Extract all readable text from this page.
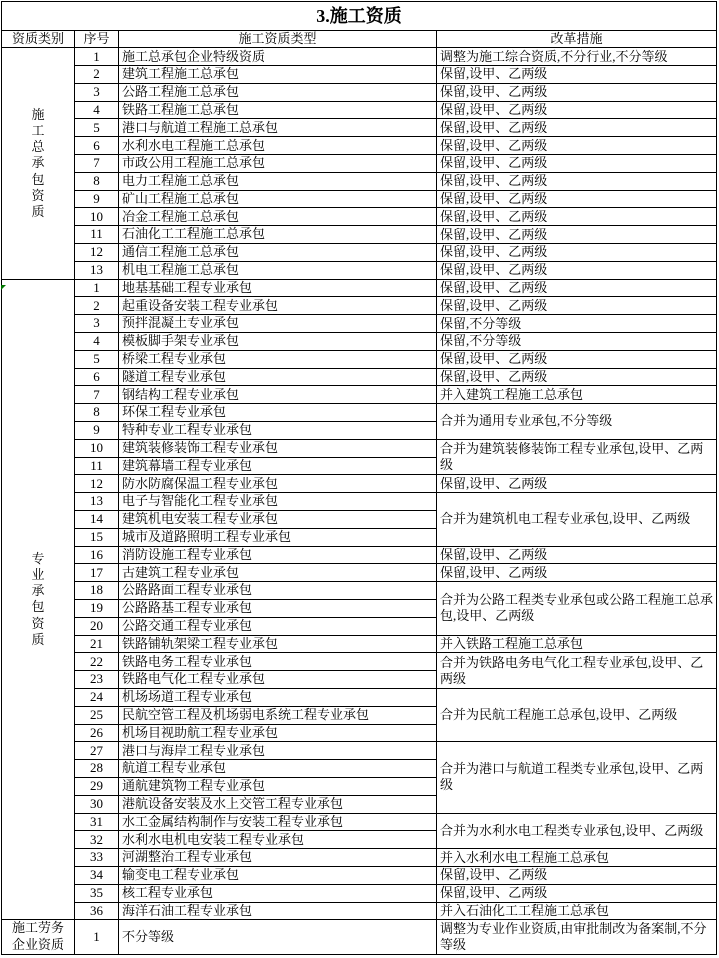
3.施工资质			
资质类别	序号	施工资质类型	改革措施

施工总承包资质	1	施工总承包企业特级资质	调整为施工综合资质,不分行业,不分等级
	2	建筑工程施工总承包	保留,设甲、乙两级
	3	公路工程施工总承包	保留,设甲、乙两级
	4	铁路工程施工总承包	保留,设甲、乙两级
	5	港口与航道工程施工总承包	保留,设甲、乙两级
	6	水利水电工程施工总承包	保留,设甲、乙两级
	7	市政公用工程施工总承包	保留,设甲、乙两级
	8	电力工程施工总承包	保留,设甲、乙两级
	9	矿山工程施工总承包	保留,设甲、乙两级
	10	冶金工程施工总承包	保留,设甲、乙两级
	11	石油化工工程施工总承包	保留,设甲、乙两级
	12	通信工程施工总承包	保留,设甲、乙两级
	13	机电工程施工总承包	保留,设甲、乙两级

专业承包资质	1	地基基础工程专业承包	保留,设甲、乙两级
	2	起重设备安装工程专业承包	保留,设甲、乙两级
	3	预拌混凝土专业承包	保留,不分等级
	4	模板脚手架专业承包	保留,不分等级
	5	桥梁工程专业承包	保留,设甲、乙两级
	6	隧道工程专业承包	保留,设甲、乙两级
	7	钢结构工程专业承包	并入建筑工程施工总承包
	8	环保工程专业承包	合并为通用专业承包,不分等级
	9	特种专业工程专业承包	
	10	建筑装修装饰工程专业承包	合并为建筑装修装饰工程专业承包,设甲、乙两级
	11	建筑幕墙工程专业承包	
	12	防水防腐保温工程专业承包	保留,设甲、乙两级
	13	电子与智能化工程专业承包	合并为建筑机电工程专业承包,设甲、乙两级
	14	建筑机电安装工程专业承包	
	15	城市及道路照明工程专业承包	
	16	消防设施工程专业承包	保留,设甲、乙两级
	17	古建筑工程专业承包	保留,设甲、乙两级
	18	公路路面工程专业承包	合并为公路工程类专业承包或公路工程施工总承包,设甲、乙两级
	19	公路路基工程专业承包	
	20	公路交通工程专业承包	
	21	铁路铺轨架梁工程专业承包	并入铁路工程施工总承包
	22	铁路电务工程专业承包	合并为铁路电务电气化工程专业承包,设甲、乙两级
	23	铁路电气化工程专业承包	
	24	机场场道工程专业承包	合并为民航工程施工总承包,设甲、乙两级
	25	民航空管工程及机场弱电系统工程专业承包	
	26	机场目视助航工程专业承包	
	27	港口与海岸工程专业承包	合并为港口与航道工程类专业承包,设甲、乙两级
	28	航道工程专业承包	
	29	通航建筑物工程专业承包	
	30	港航设备安装及水上交管工程专业承包	
	31	水工金属结构制作与安装工程专业承包	合并为水利水电工程类专业承包,设甲、乙两级
	32	水利水电机电安装工程专业承包	
	33	河湖整治工程专业承包	并入水利水电工程施工总承包
	34	输变电工程专业承包	保留,设甲、乙两级
	35	核工程专业承包	保留,设甲、乙两级
	36	海洋石油工程专业承包	并入石油化工工程施工总承包

施工劳务企业资质	1	不分等级	调整为专业作业资质,由审批制改为备案制,不分等级
